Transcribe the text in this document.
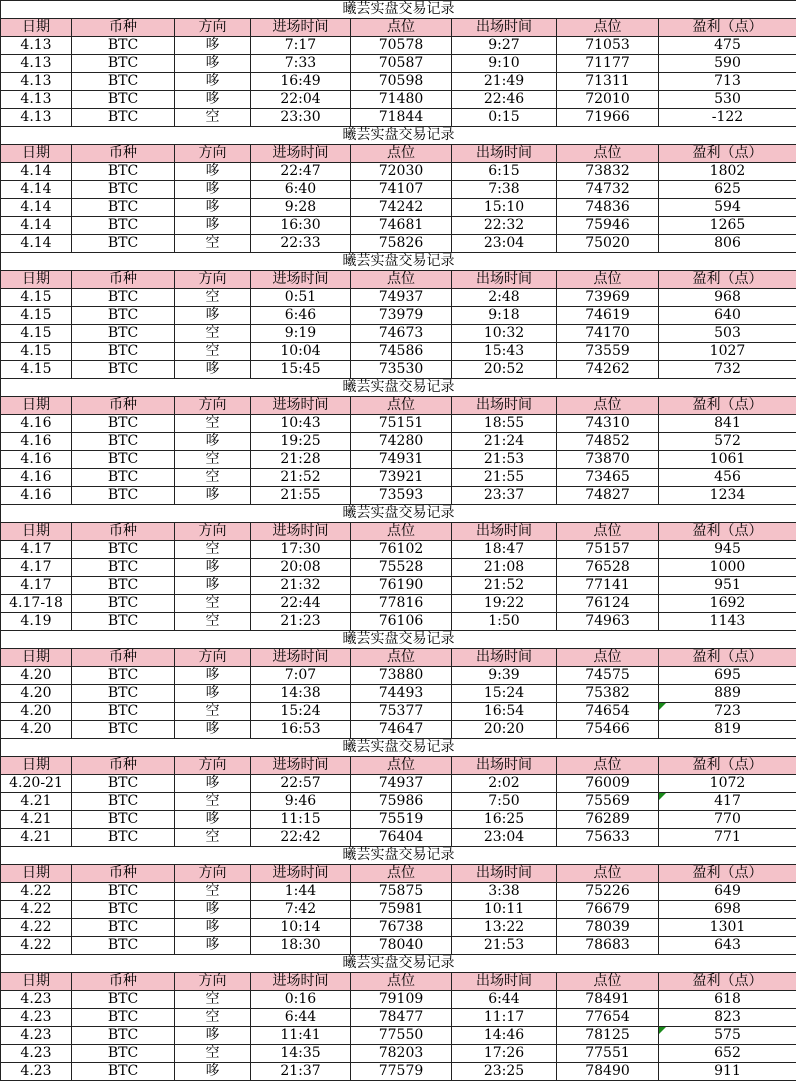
曦芸实盘交易记录							
日期	币种	方向	进场时间	点位	出场时间	点位	盈利（点）
4.13	BTC	哆	7:17	70578	9:27	71053	475
4.13	BTC	哆	7:33	70587	9:10	71177	590
4.13	BTC	哆	16:49	70598	21:49	71311	713
4.13	BTC	哆	22:04	71480	22:46	72010	530
4.13	BTC	空	23:30	71844	0:15	71966	-122
曦芸实盘交易记录							
日期	币种	方向	进场时间	点位	出场时间	点位	盈利（点）
4.14	BTC	哆	22:47	72030	6:15	73832	1802
4.14	BTC	哆	6:40	74107	7:38	74732	625
4.14	BTC	哆	9:28	74242	15:10	74836	594
4.14	BTC	哆	16:30	74681	22:32	75946	1265
4.14	BTC	空	22:33	75826	23:04	75020	806
曦芸实盘交易记录							
日期	币种	方向	进场时间	点位	出场时间	点位	盈利（点）
4.15	BTC	空	0:51	74937	2:48	73969	968
4.15	BTC	哆	6:46	73979	9:18	74619	640
4.15	BTC	空	9:19	74673	10:32	74170	503
4.15	BTC	空	10:04	74586	15:43	73559	1027
4.15	BTC	哆	15:45	73530	20:52	74262	732
曦芸实盘交易记录							
日期	币种	方向	进场时间	点位	出场时间	点位	盈利（点）
4.16	BTC	空	10:43	75151	18:55	74310	841
4.16	BTC	哆	19:25	74280	21:24	74852	572
4.16	BTC	空	21:28	74931	21:53	73870	1061
4.16	BTC	空	21:52	73921	21:55	73465	456
4.16	BTC	哆	21:55	73593	23:37	74827	1234
曦芸实盘交易记录							
日期	币种	方向	进场时间	点位	出场时间	点位	盈利（点）
4.17	BTC	空	17:30	76102	18:47	75157	945
4.17	BTC	哆	20:08	75528	21:08	76528	1000
4.17	BTC	哆	21:32	76190	21:52	77141	951
4.17-18	BTC	空	22:44	77816	19:22	76124	1692
4.19	BTC	空	21:23	76106	1:50	74963	1143
曦芸实盘交易记录							
日期	币种	方向	进场时间	点位	出场时间	点位	盈利（点）
4.20	BTC	哆	7:07	73880	9:39	74575	695
4.20	BTC	哆	14:38	74493	15:24	75382	889
4.20	BTC	空	15:24	75377	16:54	74654	723
4.20	BTC	哆	16:53	74647	20:20	75466	819
曦芸实盘交易记录							
日期	币种	方向	进场时间	点位	出场时间	点位	盈利（点）
4.20-21	BTC	哆	22:57	74937	2:02	76009	1072
4.21	BTC	空	9:46	75986	7:50	75569	417
4.21	BTC	哆	11:15	75519	16:25	76289	770
4.21	BTC	空	22:42	76404	23:04	75633	771
曦芸实盘交易记录							
日期	币种	方向	进场时间	点位	出场时间	点位	盈利（点）
4.22	BTC	空	1:44	75875	3:38	75226	649
4.22	BTC	哆	7:42	75981	10:11	76679	698
4.22	BTC	哆	10:14	76738	13:22	78039	1301
4.22	BTC	哆	18:30	78040	21:53	78683	643
曦芸实盘交易记录							
日期	币种	方向	进场时间	点位	出场时间	点位	盈利（点）
4.23	BTC	空	0:16	79109	6:44	78491	618
4.23	BTC	空	6:44	78477	11:17	77654	823
4.23	BTC	哆	11:41	77550	14:46	78125	575
4.23	BTC	空	14:35	78203	17:26	77551	652
4.23	BTC	哆	21:37	77579	23:25	78490	911
